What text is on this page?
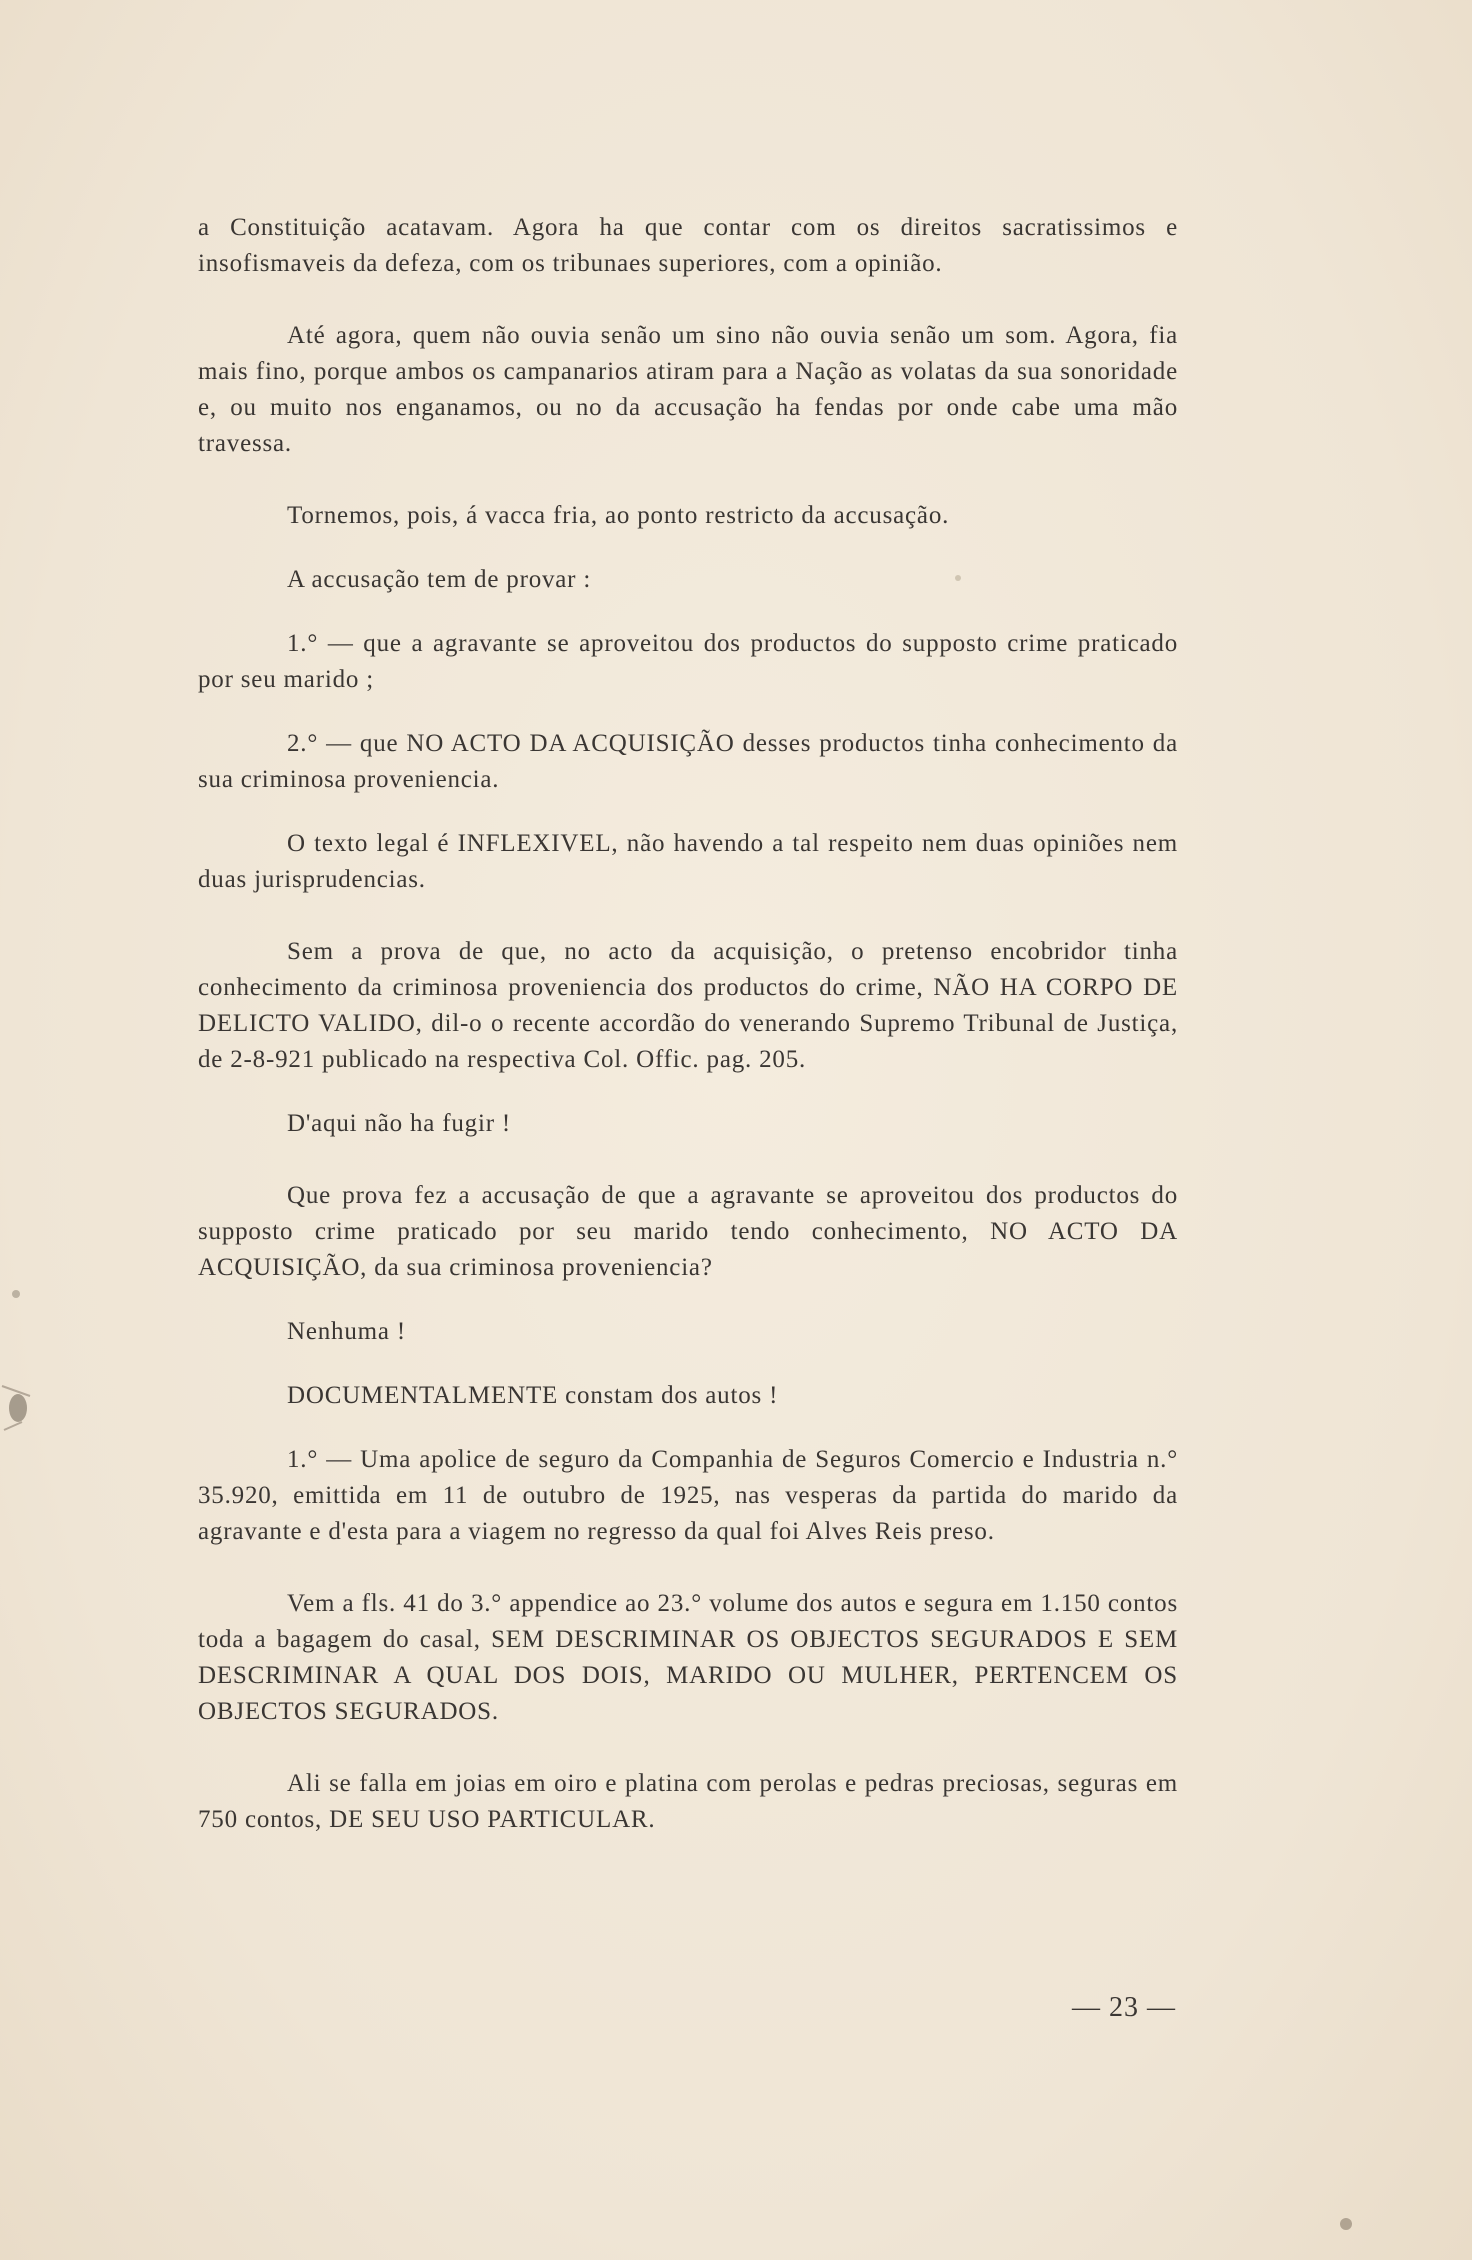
a Constituição acatavam. Agora ha que contar com os direitos sacratissimos e insofismaveis da defeza, com os tribunaes superiores, com a opinião.

Até agora, quem não ouvia senão um sino não ouvia senão um som. Agora, fia mais fino, porque ambos os campanarios atiram para a Nação as volatas da sua sonoridade e, ou muito nos enganamos, ou no da accusação ha fendas por onde cabe uma mão travessa.

Tornemos, pois, á vacca fria, ao ponto restricto da accusação.

A accusação tem de provar :

1.° — que a agravante se aproveitou dos productos do supposto crime praticado por seu marido ;

2.° — que NO ACTO DA ACQUISIÇÃO desses productos tinha conhecimento da sua criminosa proveniencia.

O texto legal é INFLEXIVEL, não havendo a tal respeito nem duas opiniões nem duas jurisprudencias.

Sem a prova de que, no acto da acquisição, o pretenso encobridor tinha conhecimento da criminosa proveniencia dos productos do crime, NÃO HA CORPO DE DELICTO VALIDO, dil-o o recente accordão do venerando Supremo Tribunal de Justiça, de 2-8-921 publicado na respectiva Col. Offic. pag. 205.

D'aqui não ha fugir !

Que prova fez a accusação de que a agravante se aproveitou dos productos do supposto crime praticado por seu marido tendo conhecimento, NO ACTO DA ACQUISIÇÃO, da sua criminosa proveniencia?

Nenhuma !

DOCUMENTALMENTE constam dos autos !

1.° — Uma apolice de seguro da Companhia de Seguros Comercio e Industria n.° 35.920, emittida em 11 de outubro de 1925, nas vesperas da partida do marido da agravante e d'esta para a viagem no regresso da qual foi Alves Reis preso.

Vem a fls. 41 do 3.° appendice ao 23.° volume dos autos e segura em 1.150 contos toda a bagagem do casal, SEM DESCRIMINAR OS OBJECTOS SEGURADOS E SEM DESCRIMINAR A QUAL DOS DOIS, MARIDO OU MULHER, PERTENCEM OS OBJECTOS SEGURADOS.

Ali se falla em joias em oiro e platina com perolas e pedras preciosas, seguras em 750 contos, DE SEU USO PARTICULAR.

— 23 —
